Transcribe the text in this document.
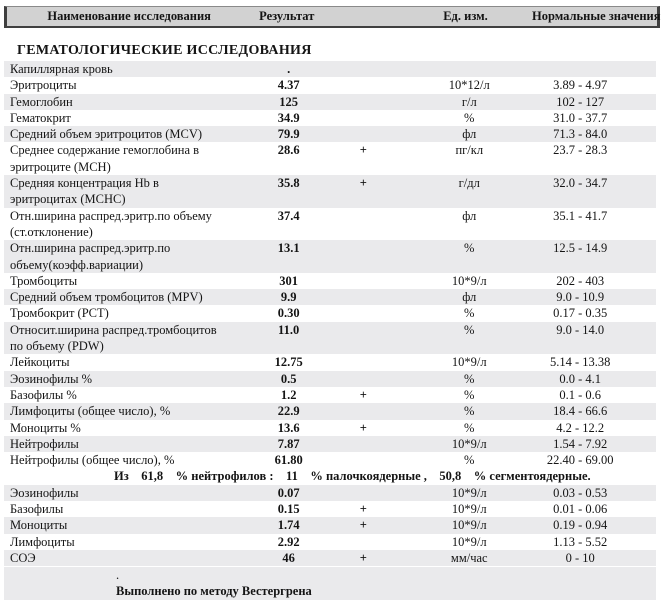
Наименование исследования	Результат	Ед. изм.	Нормальные значения
ГЕМАТОЛОГИЧЕСКИЕ ИССЛЕДОВАНИЯ
Капиллярная кровь	.
Эритроциты	4.37	10*12/л	3.89 - 4.97
Гемоглобин	125	г/л	102 - 127
Гематокрит	34.9	%	31.0 - 37.7
Средний объем эритроцитов (MCV)	79.9	фл	71.3 - 84.0
Среднее содержание гемоглобина в
эритроците (MCH)
28.6	+	пг/кл	23.7 - 28.3
Средняя концентрация Hb в
эритроцитах (MCHC)
35.8	+	г/дл	32.0 - 34.7
Отн.ширина распред.эритр.по объему
(ст.отклонение)
37.4	фл	35.1 - 41.7
Отн.ширина распред.эритр.по
объему(коэфф.вариации)
13.1	%	12.5 - 14.9
Тромбоциты	301	10*9/л	202 - 403
Средний объем тромбоцитов (MPV)	9.9	фл	9.0 - 10.9
Тромбокрит (PCT)	0.30	%	0.17 - 0.35
Относит.ширина распред.тромбоцитов
по объему (PDW)
11.0	%	9.0 - 14.0
Лейкоциты	12.75	10*9/л	5.14 - 13.38
Эозинофилы %	0.5	%	0.0 - 4.1
Базофилы %	1.2	+	%	0.1 - 0.6
Лимфоциты (общее число), %	22.9	%	18.4 - 66.6
Моноциты %	13.6	+	%	4.2 - 12.2
Нейтрофилы	7.87	10*9/л	1.54 - 7.92
Нейтрофилы (общее число), %	61.80	%	22.40 - 69.00
Из    61,8    % нейтрофилов :    11    % палочкоядерные ,    50,8    % сегментоядерные.
Эозинофилы	0.07	10*9/л	0.03 - 0.53
Базофилы	0.15	+	10*9/л	0.01 - 0.06
Моноциты	1.74	+	10*9/л	0.19 - 0.94
Лимфоциты	2.92	10*9/л	1.13 - 5.52
СОЭ	46	+	мм/час	0 - 10
.
Выполнено по методу Вестергрена
